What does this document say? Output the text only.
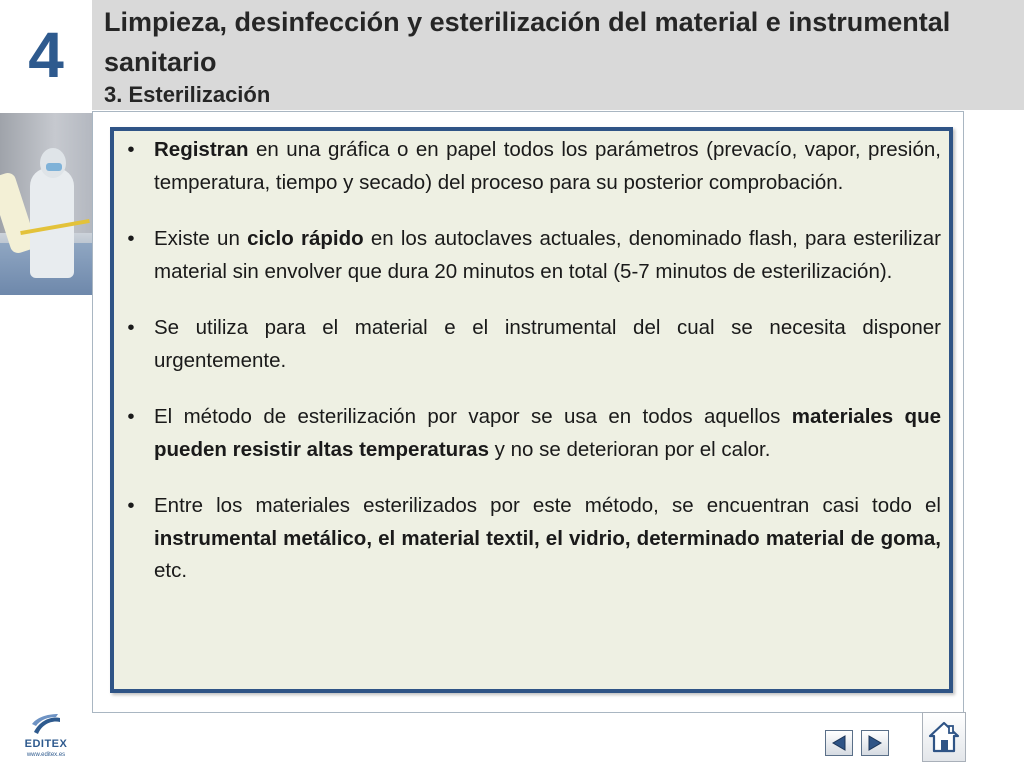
4	Limpieza, desinfección y esterilización del material e instrumental sanitario
3. Esterilización
• Registran en una gráfica o en papel todos los parámetros (prevacío, vapor, presión, temperatura, tiempo y secado) del proceso para su posterior comprobación.
• Existe un ciclo rápido en los autoclaves actuales, denominado flash, para esterilizar material sin envolver que dura 20 minutos en total (5-7 minutos de esterilización).
• Se utiliza para el material e el instrumental del cual se necesita disponer urgentemente.
• El método de esterilización por vapor se usa en todos aquellos materiales que pueden resistir altas temperaturas y no se deterioran por el calor.
• Entre los materiales esterilizados por este método, se encuentran casi todo el instrumental metálico, el material textil, el vidrio, determinado material de goma, etc.
EDITEX
www.editex.es
